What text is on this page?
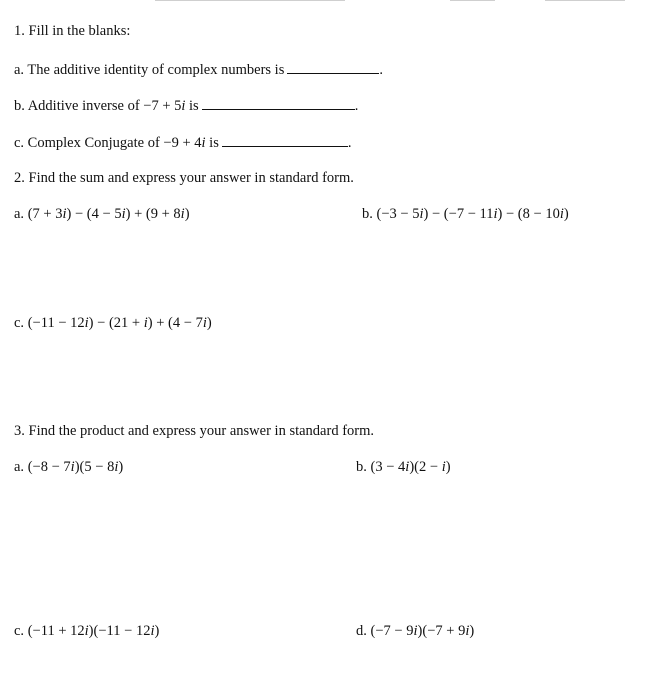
1. Fill in the blanks:
a. The additive identity of complex numbers is	.
b. Additive inverse of −7 + 5i is	.
c. Complex Conjugate of −9 + 4i is	.
2. Find the sum and express your answer in standard form.
a. (7 + 3i) − (4 − 5i) + (9 + 8i)	b. (−3 − 5i) − (−7 − 11i) − (8 − 10i)
c. (−11 − 12i) − (21 + i) + (4 − 7i)
3. Find the product and express your answer in standard form.
a. (−8 − 7i)(5 − 8i)	b. (3 − 4i)(2 − i)
c. (−11 + 12i)(−11 − 12i)	d. (−7 − 9i)(−7 + 9i)
